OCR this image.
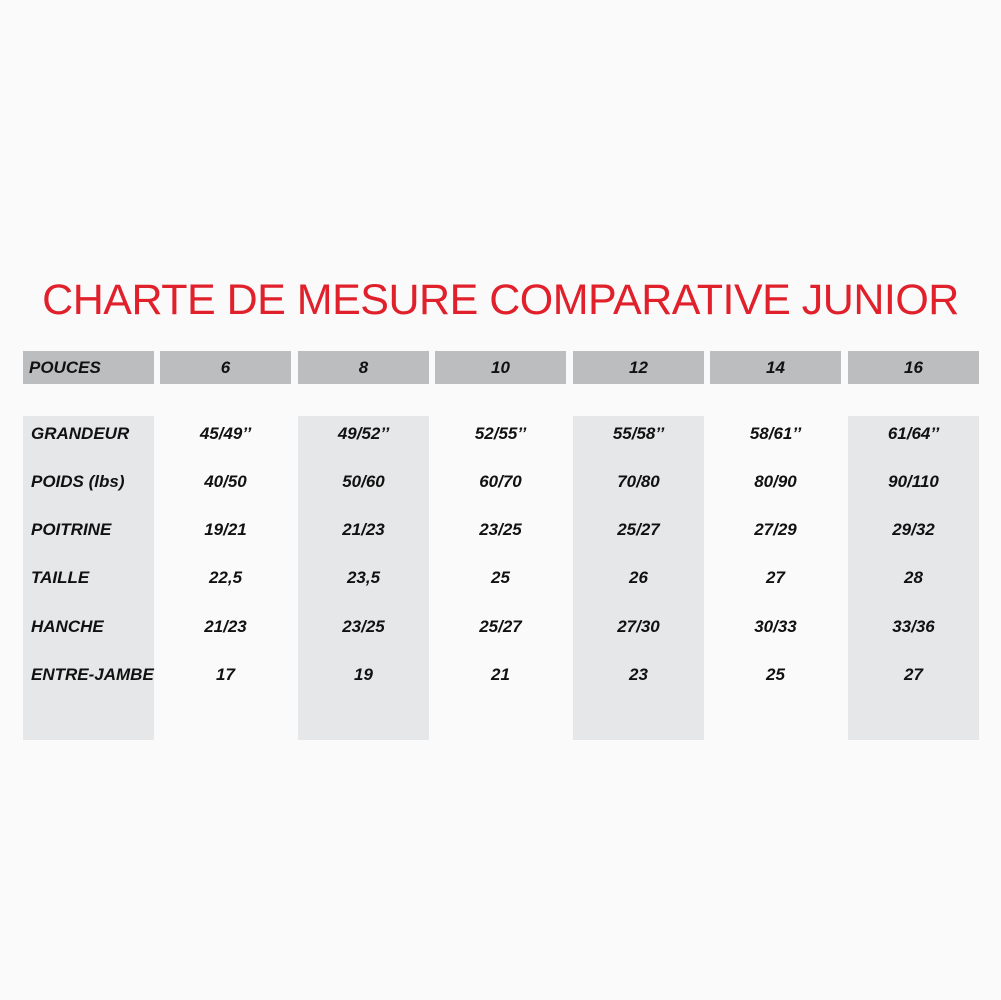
CHARTE DE MESURE COMPARATIVE JUNIOR
POUCES	6	8	10	12	14	16
GRANDEUR	45/49’’	49/52’’	52/55’’	55/58’’	58/61’’	61/64’’
POIDS (lbs)	40/50	50/60	60/70	70/80	80/90	90/110
POITRINE	19/21	21/23	23/25	25/27	27/29	29/32
TAILLE	22,5	23,5	25	26	27	28
HANCHE	21/23	23/25	25/27	27/30	30/33	33/36
ENTRE-JAMBE	17	19	21	23	25	27
